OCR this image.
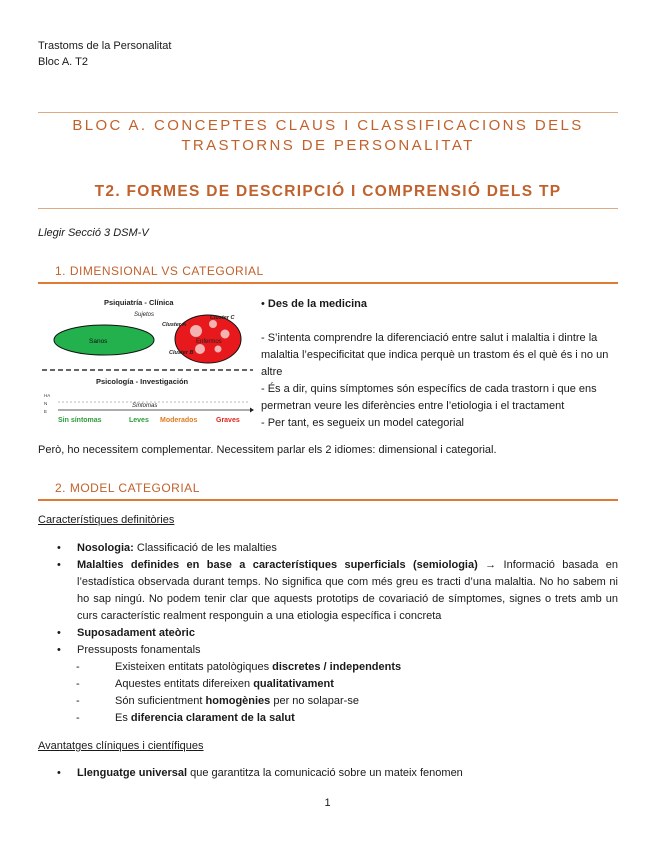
Trastoms de la Personalitat
Bloc A. T2
BLOC A. CONCEPTES CLAUS I CLASSIFICACIONS DELS
TRASTORNS DE PERSONALITAT
T2. FORMES DE DESCRIPCIÓ I COMPRENSIÓ DELS TP
Llegir Secció 3 DSM-V
1. DIMENSIONAL VS CATEGORIAL
Psiquiatría - Clínica
Sujetos
Sanos	Enfermos
Cluster A
Cluster C
Cluster B
Psicología - Investigación
HA
N
E
Síntomas
Sin síntomas	Leves Moderados	Graves

• Des de la medicina

- S’intenta comprendre la diferenciació entre salut i malaltia i dintre la malaltia l’especificitat que indica perquè un trastom és el què és i no un altre

- És a dir, quins símptomes són específics de cada trastorn i que ens permetran veure les diferències entre l’etiologia i el tractament

- Per tant, es segueix un model categorial

Però, ho necessitem complementar. Necessitem parlar els 2 idiomes: dimensional i categorial.
2. MODEL CATEGORIAL
Característiques definitòries
• Nosologia: Classificació de les malalties
• Malalties definides en base a característiques superficials (semiologia) → Informació basada en l’estadística observada durant temps. No significa que com més greu es tracti d’una malaltia. No ho sabem ni ho sap ningú. No podem tenir clar que aquests prototips de covariació de símptomes, signes o trets amb un curs característic realment responguin a una etiologia específica i concreta
• Suposadament ateòric
• Pressuposts fonamentals
-	Existeixen entitats patològiques discretes / independents
-	Aquestes entitats difereixen qualitativament
-	Són suficientment homogènies per no solapar-se
-	Es diferencia clarament de la salut
Avantatges clíniques i científiques
• Llenguatge universal que garantitza la comunicació sobre un mateix fenomen
1
